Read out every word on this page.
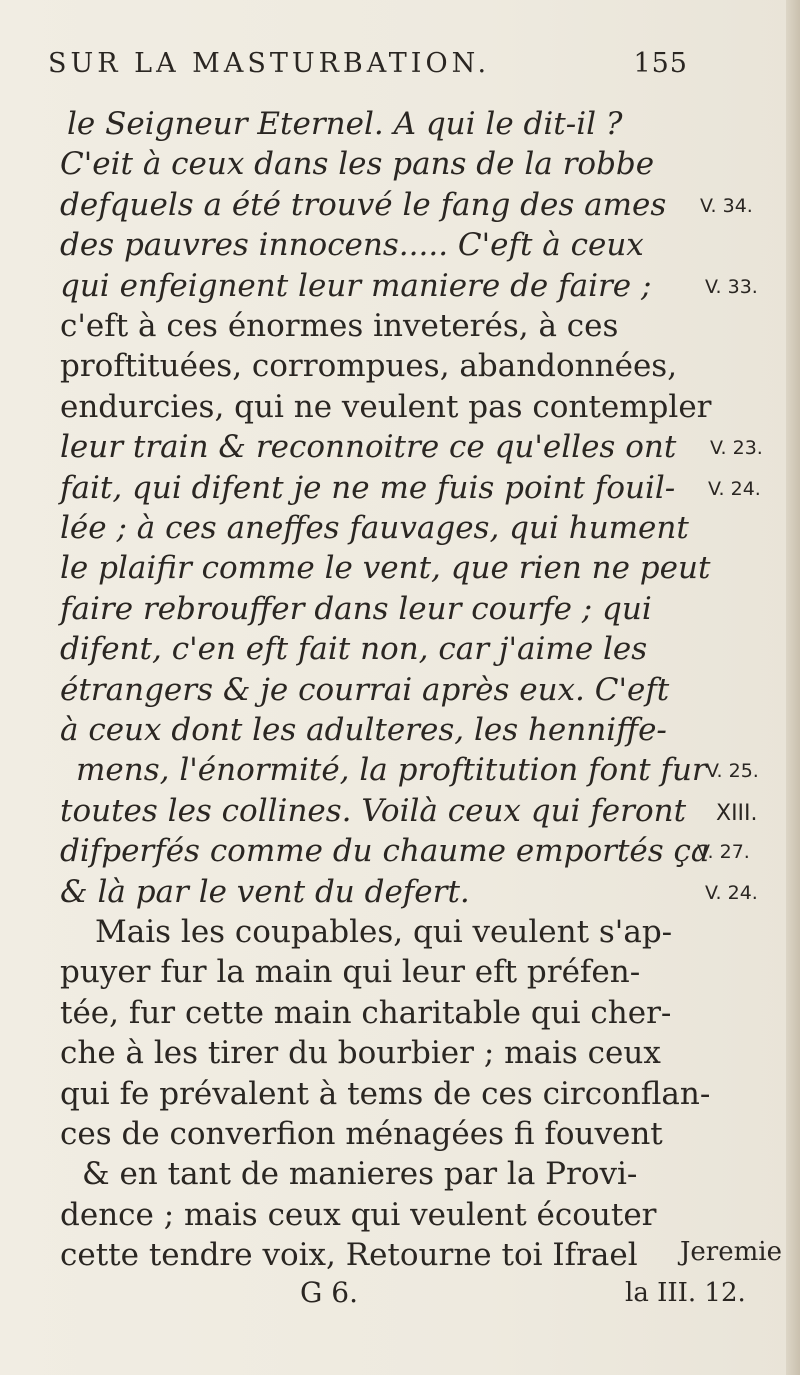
SUR LA MASTURBATION.	155
le Seigneur Eternel. A qui le dit-il ?
C'eit à ceux dans les pans de la robbe
defquels a été trouvé le fang des ames
des pauvres innocens..... C'eft à ceux
qui enfeignent leur maniere de faire ;
c'eft à ces énormes inveterés, à ces
proftituées, corrompues, abandonnées,
endurcies, qui ne veulent pas contempler
leur train & reconnoitre ce qu'elles ont
fait, qui difent je ne me fuis point fouil-
lée ; à ces aneffes fauvages, qui hument
le plaifir comme le vent, que rien ne peut
faire rebrouffer dans leur courfe ; qui
difent, c'en eft fait non, car j'aime les
étrangers & je courrai après eux. C'eft
à ceux dont les adulteres, les henniffe-
mens, l'énormité, la proftitution font fur
toutes les collines. Voilà ceux qui feront
difperfés comme du chaume emportés ça
& là par le vent du defert.
Mais les coupables, qui veulent s'ap-
puyer fur la main qui leur eft préfen-
tée, fur cette main charitable qui cher-
che à les tirer du bourbier ; mais ceux
qui fe prévalent à tems de ces circonflan-
ces de converfion ménagées fi fouvent
& en tant de manieres par la Provi-
V. 34.
V. 33.
V. 23.
V. 24.
V. 25.
XIII.
V. 27.
V. 24.
dence ; mais ceux qui veulent écouter
cette tendre voix, Retourne toi Ifrael Jeremie
la III. 12.
G 6.
